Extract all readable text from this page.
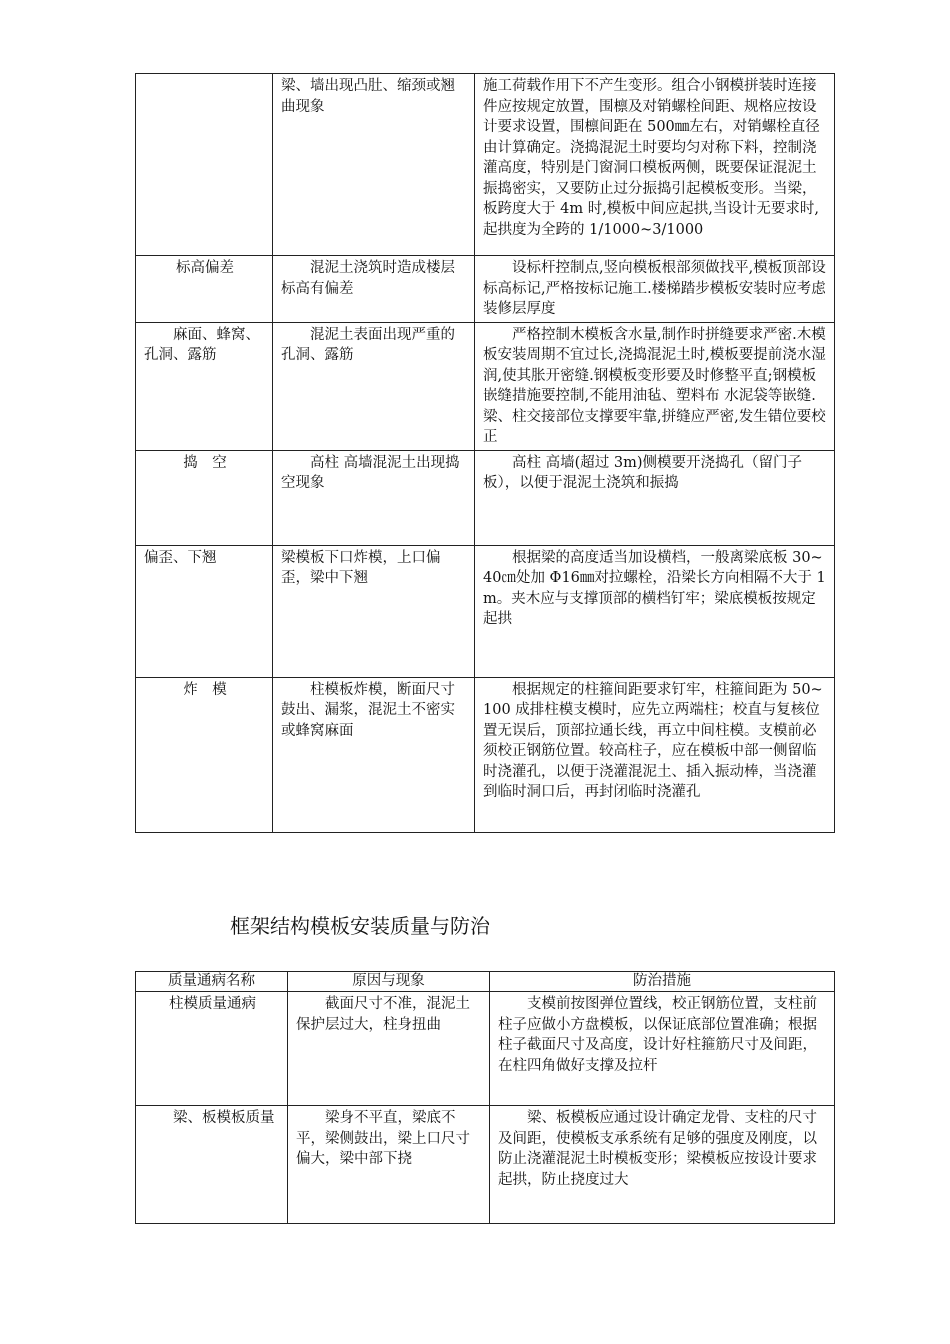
	梁、墙出现凸肚、缩颈或翘曲现象	施工荷载作用下不产生变形。组合小钢模拼装时连接件应按规定放置，围檩及对销螺栓间距、规格应按设计要求设置，围檩间距在 500㎜左右，对销螺栓直径由计算确定。浇捣混泥土时要均匀对称下料，控制浇灌高度，特别是门窗洞口模板两侧，既要保证混泥土振捣密实，又要防止过分振捣引起模板变形。当梁，板跨度大于 4m 时,模板中间应起拱,当设计无要求时,起拱度为全跨的 1/1000~3/1000
标高偏差	混泥土浇筑时造成楼层标高有偏差	设标杆控制点,竖向模板根部须做找平,模板顶部设标高标记,严格按标记施工.楼梯踏步模板安装时应考虑装修层厚度
麻面、蜂窝、孔洞、露筋	混泥土表面出现严重的孔洞、露筋	严格控制木模板含水量,制作时拼缝要求严密.木模板安装周期不宜过长,浇捣混泥土时,模板要提前浇水湿润,使其胀开密缝.钢模板变形要及时修整平直;钢模板嵌缝措施要控制,不能用油毡、塑料布 水泥袋等嵌缝.梁、柱交接部位支撑要牢靠,拼缝应严密,发生错位要校正
捣　空	高柱 高墙混泥土出现捣空现象	高柱 高墙(超过 3m)侧模要开浇捣孔（留门子板），以便于混泥土浇筑和振捣
偏歪、下翘	梁模板下口炸模，上口偏歪，梁中下翘	根据梁的高度适当加设横档，一般离梁底板 30~40㎝处加 Φ16㎜对拉螺栓，沿梁长方向相隔不大于 1m。夹木应与支撑顶部的横档钉牢；梁底模板按规定起拱
炸　模	柱模板炸模，断面尺寸鼓出、漏浆，混泥土不密实或蜂窝麻面	根据规定的柱箍间距要求钉牢，柱箍间距为 50~100 成排柱模支模时，应先立两端柱；校直与复核位置无误后，顶部拉通长线，再立中间柱模。支模前必须校正钢筋位置。较高柱子，应在模板中部一侧留临时浇灌孔，以便于浇灌混泥土、插入振动棒，当浇灌到临时洞口后，再封闭临时浇灌孔
框架结构模板安装质量与防治
质量通病名称	原因与现象	防治措施
柱模质量通病	截面尺寸不准，混泥土保护层过大，柱身扭曲	支模前按图弹位置线，校正钢筋位置，支柱前柱子应做小方盘模板，以保证底部位置准确；根据柱子截面尺寸及高度，设计好柱箍筋尺寸及间距，在柱四角做好支撑及拉杆
梁、板模板质量	梁身不平直，梁底不平，梁侧鼓出，梁上口尺寸偏大，梁中部下挠	梁、板模板应通过设计确定龙骨、支柱的尺寸及间距，使模板支承系统有足够的强度及刚度，以防止浇灌混泥土时模板变形；梁模板应按设计要求起拱，防止挠度过大
